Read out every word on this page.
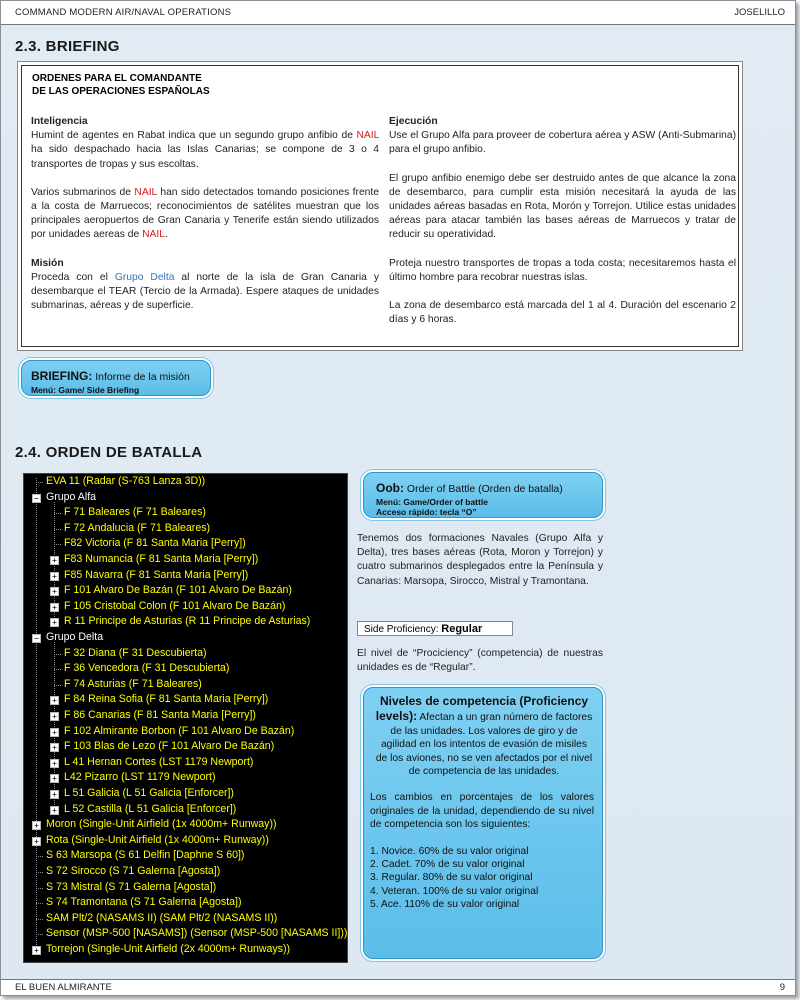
COMMAND MODERN AIR/NAVAL OPERATIONS	JOSELILLO
2.3. BRIEFING
ORDENES PARA EL COMANDANTE
DE LAS OPERACIONES ESPAÑOLAS
Inteligencia

Humint de agentes en Rabat indica que un segundo grupo anfibio de NAIL ha sido despachado hacia las Islas Canarias; se compone de 3 o 4 transportes de tropas y sus escoltas.

Varios submarinos de NAIL han sido detectados tomando posiciones frente a la costa de Marruecos; reconocimientos de satélites muestran que los principales aeropuertos de Gran Canaria y Tenerife están siendo utilizados por unidades aereas de NAIL.

Misión

Proceda con el Grupo Delta al norte de la isla de Gran Canaria y desembarque el TEAR (Tercio de la Armada). Espere ataques de unidades submarinas, aéreas y de superficie.

Ejecución

Use el Grupo Alfa para proveer de cobertura aérea y ASW (Anti-Submarina) para el grupo anfibio.

El grupo anfibio enemigo debe ser destruido antes de que alcance la zona de desembarco, para cumplir esta misión necesitará la ayuda de las unidades aéreas basadas en Rota, Morón y Torrejon. Utilice estas unidades aéreas para atacar también las bases aéreas de Marruecos y tratar de reducir su operatividad.

Proteja nuestro transportes de tropas a toda costa; necesitaremos hasta el último hombre para recobrar nuestras islas.

La zona de desembarco está marcada del 1 al 4. Duración del escenario 2 días y 6 horas.

BRIEFING: Informe de la misión
Menú: Game/ Side Briefing
2.4. ORDEN DE BATALLA
EVA 11 (Radar (S-763 Lanza 3D))
− Grupo Alfa
F 71 Baleares (F 71 Baleares)
F 72 Andalucia (F 71 Baleares)
F82 Victoria (F 81 Santa Maria [Perry])
+ F83 Numancia (F 81 Santa Maria [Perry])
+ F85 Navarra (F 81 Santa Maria [Perry])
+ F 101 Alvaro De Bazán (F 101 Alvaro De Bazán)
+ F 105 Cristobal Colon (F 101 Alvaro De Bazán)
+ R 11 Principe de Asturias (R 11 Principe de Asturias)
− Grupo Delta
F 32 Diana (F 31 Descubierta)
F 36 Vencedora (F 31 Descubierta)
F 74 Asturias (F 71 Baleares)
+ F 84 Reina Sofia (F 81 Santa Maria [Perry])
+ F 86 Canarias (F 81 Santa Maria [Perry])
+ F 102 Almirante Borbon (F 101 Alvaro De Bazán)
+ F 103 Blas de Lezo (F 101 Alvaro De Bazán)
+ L 41 Hernan Cortes (LST 1179 Newport)
+ L42 Pizarro (LST 1179 Newport)
+ L 51 Galicia (L 51 Galicia [Enforcer])
+ L 52 Castilla (L 51 Galicia [Enforcer])
+ Moron (Single-Unit Airfield (1x 4000m+ Runway))
+ Rota (Single-Unit Airfield (1x 4000m+ Runway))
S 63 Marsopa (S 61 Delfin [Daphne S 60])
S 72 Sirocco (S 71 Galerna [Agosta])
S 73 Mistral (S 71 Galerna [Agosta])
S 74 Tramontana (S 71 Galerna [Agosta])
SAM Plt/2 (NASAMS II) (SAM Plt/2 (NASAMS II))
Sensor (MSP-500 [NASAMS]) (Sensor (MSP-500 [NASAMS II]))
+ Torrejon (Single-Unit Airfield (2x 4000m+ Runways))
Oob: Order of Battle (Orden de batalla)
Menú: Game/Order of battle
Acceso rápido: tecla “O”
Tenemos dos formaciones Navales (Grupo Alfa y Delta), tres bases aéreas (Rota, Moron y Torrejon) y cuatro submarinos desplegados entre la Península y Canarias: Marsopa, Sirocco, Mistral y Tramontana.
Side Proficiency: Regular
El nivel de “Prociciency” (competencia) de nuestras unidades es de “Regular”.
Niveles de competencia (Proficiency levels): Afectan a un gran número de factores de las unidades. Los valores de giro y de agilidad en los intentos de evasión de misiles de los aviones, no se ven afectados por el nivel de competencia de las unidades.
Los cambios en porcentajes de los valores originales de la unidad, dependiendo de su nivel de competencia son los siguientes:
1. Novice. 60% de su valor original
2. Cadet. 70% de su valor original
3. Regular. 80% de su valor original
4. Veteran. 100% de su valor original
5. Ace. 110% de su valor original
EL BUEN ALMIRANTE	9
